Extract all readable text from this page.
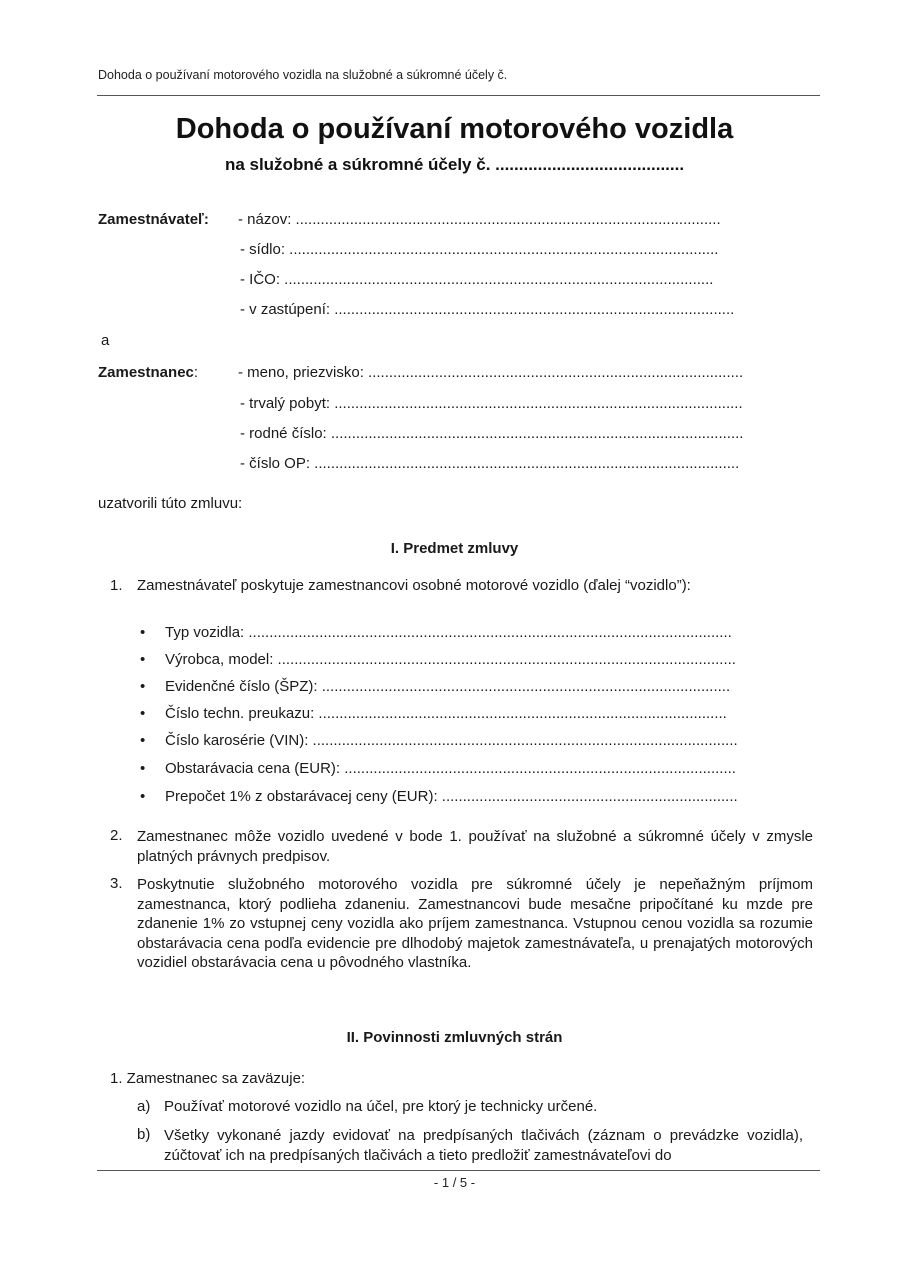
Dohoda o používaní motorového vozidla na služobné a súkromné účely č.
Dohoda o používaní motorového vozidla
na služobné a súkromné účely č. ........................................
Zamestnávateľ: - názov: ......................................................................................................
- sídlo: .......................................................................................................
- IČO: .......................................................................................................
- v zastúpení: ................................................................................................
a
Zamestnanec:	- meno, priezvisko: ..........................................................................................
- trvalý pobyt: ..................................................................................................
- rodné číslo: ...................................................................................................
- číslo OP: ......................................................................................................
uzatvorili túto zmluvu:
I. Predmet zmluvy
1. Zamestnávateľ poskytuje zamestnancovi osobné motorové vozidlo (ďalej “vozidlo”):
• Typ vozidla: ....................................................................................................................
• Výrobca, model: ..............................................................................................................
• Evidenčné číslo (ŠPZ): ..................................................................................................
• Číslo techn. preukazu: ..................................................................................................
• Číslo karosérie (VIN): ......................................................................................................
• Obstarávacia cena (EUR): ..............................................................................................
• Prepočet 1% z obstarávacej ceny (EUR): .......................................................................
2. Zamestnanec môže vozidlo uvedené v bode 1. používať na služobné a súkromné účely v zmysle platných právnych predpisov.
3. Poskytnutie služobného motorového vozidla pre súkromné účely je nepeňažným príjmom zamestnanca, ktorý podlieha zdaneniu. Zamestnancovi bude mesačne pripočítané ku mzde pre zdanenie 1% zo vstupnej ceny vozidla ako príjem zamestnanca. Vstupnou cenou vozidla sa rozumie obstarávacia cena podľa evidencie pre dlhodobý majetok zamestnávateľa, u prenajatých motorových vozidiel obstarávacia cena u pôvodného vlastníka.
II. Povinnosti zmluvných strán
1. Zamestnanec sa zaväzuje:
a) Používať motorové vozidlo na účel, pre ktorý je technicky určené.
b) Všetky vykonané jazdy evidovať na predpísaných tlačivách (záznam o prevádzke vozidla), zúčtovať ich na predpísaných tlačivách a tieto predložiť zamestnávateľovi do
- 1 / 5 -
